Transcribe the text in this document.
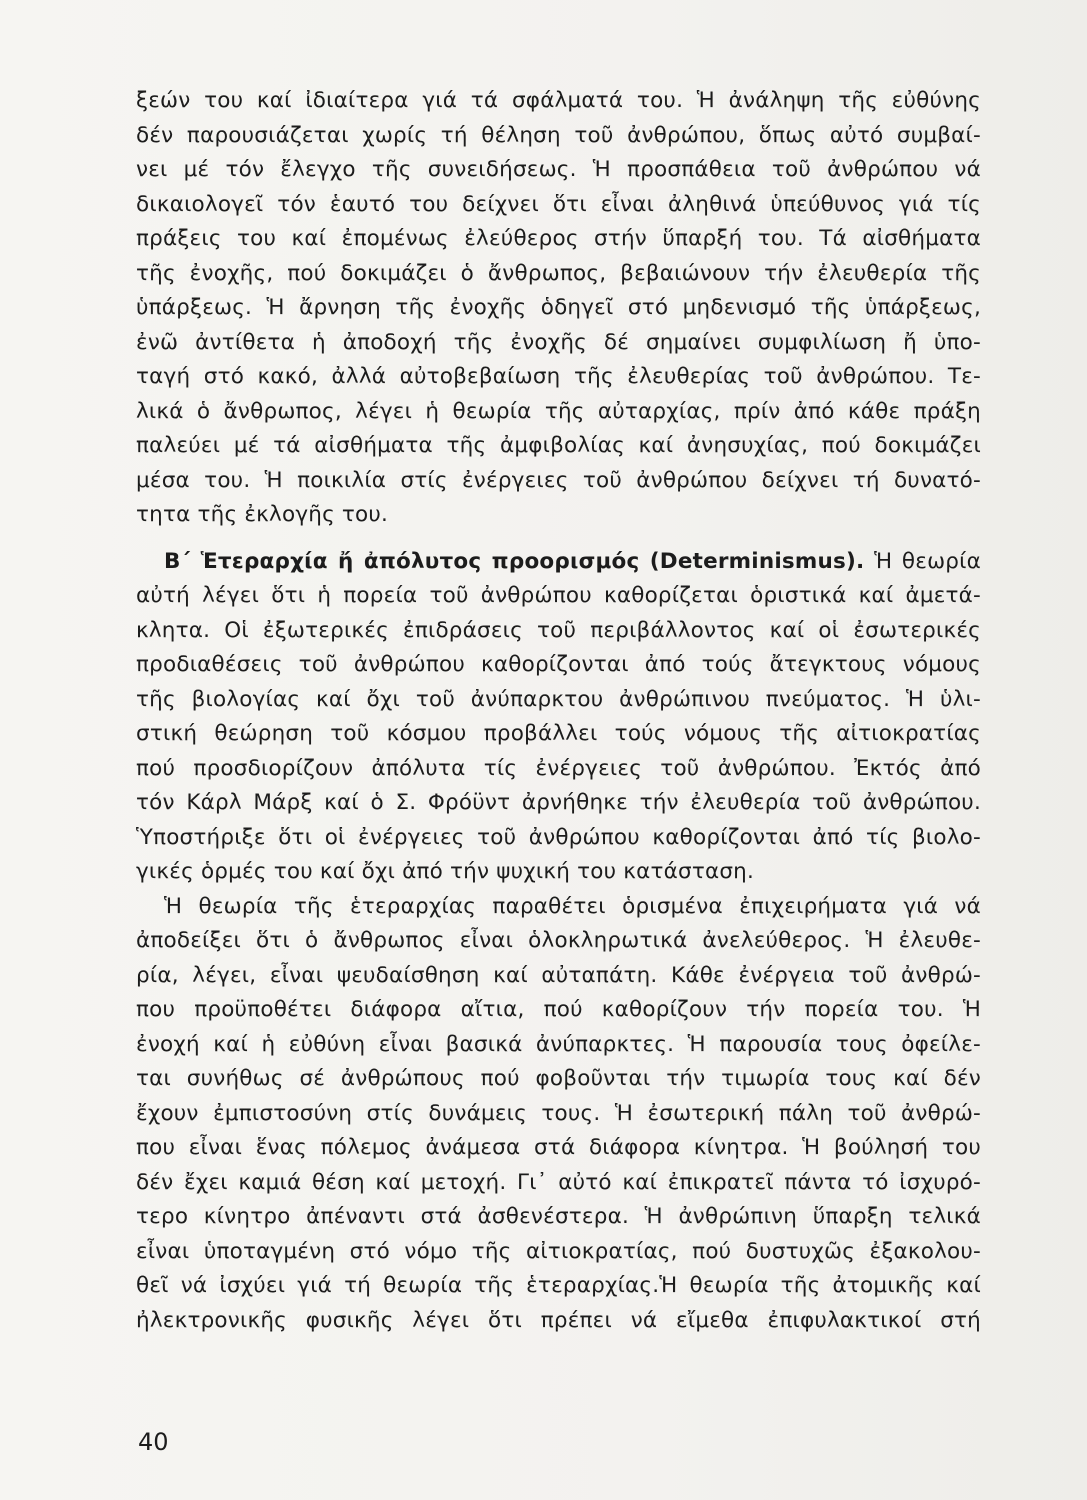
ξεών του καί ἰδιαίτερα γιά τά σφάλματά του. Ἡ ἀνάληψη τῆς εὐθύνης
δέν παρουσιάζεται χωρίς τή θέληση τοῦ ἀνθρώπου, ὅπως αὐτό συμβαί-
νει μέ τόν ἔλεγχο τῆς συνειδήσεως. Ἡ προσπάθεια τοῦ ἀνθρώπου νά
δικαιολογεῖ τόν ἑαυτό του δείχνει ὅτι εἶναι ἀληθινά ὑπεύθυνος γιά τίς
πράξεις του καί ἐπομένως ἐλεύθερος στήν ὕπαρξή του. Τά αἰσθήματα
τῆς ἐνοχῆς, πού δοκιμάζει ὁ ἄνθρωπος, βεβαιώνουν τήν ἐλευθερία τῆς
ὑπάρξεως. Ἡ ἄρνηση τῆς ἐνοχῆς ὁδηγεῖ στό μηδενισμό τῆς ὑπάρξεως,
ἐνῶ ἀντίθετα ἡ ἀποδοχή τῆς ἐνοχῆς δέ σημαίνει συμφιλίωση ἤ ὑπο-
ταγή στό κακό, ἀλλά αὐτοβεβαίωση τῆς ἐλευθερίας τοῦ ἀνθρώπου. Τε-
λικά ὁ ἄνθρωπος, λέγει ἡ θεωρία τῆς αὐταρχίας, πρίν ἀπό κάθε πράξη
παλεύει μέ τά αἰσθήματα τῆς ἀμφιβολίας καί ἀνησυχίας, πού δοκιμάζει
μέσα του. Ἡ ποικιλία στίς ἐνέργειες τοῦ ἀνθρώπου δείχνει τή δυνατό-
τητα τῆς ἐκλογῆς του.
Β΄ Ἑτεραρχία ἤ ἀπόλυτος προορισμός (Determinismus). Ἡ θεωρία
αὐτή λέγει ὅτι ἡ πορεία τοῦ ἀνθρώπου καθορίζεται ὁριστικά καί ἀμετά-
κλητα. Οἱ ἐξωτερικές ἐπιδράσεις τοῦ περιβάλλοντος καί οἱ ἐσωτερικές
προδιαθέσεις τοῦ ἀνθρώπου καθορίζονται ἀπό τούς ἄτεγκτους νόμους
τῆς βιολογίας καί ὄχι τοῦ ἀνύπαρκτου ἀνθρώπινου πνεύματος. Ἡ ὑλι-
στική θεώρηση τοῦ κόσμου προβάλλει τούς νόμους τῆς αἰτιοκρατίας
πού προσδιορίζουν ἀπόλυτα τίς ἐνέργειες τοῦ ἀνθρώπου. Ἐκτός ἀπό
τόν Κάρλ Μάρξ καί ὁ Σ. Φρόϋντ ἀρνήθηκε τήν ἐλευθερία τοῦ ἀνθρώπου.
Ὑποστήριξε ὅτι οἱ ἐνέργειες τοῦ ἀνθρώπου καθορίζονται ἀπό τίς βιολο-
γικές ὁρμές του καί ὄχι ἀπό τήν ψυχική του κατάσταση.
Ἡ θεωρία τῆς ἑτεραρχίας παραθέτει ὁρισμένα ἐπιχειρήματα γιά νά
ἀποδείξει ὅτι ὁ ἄνθρωπος εἶναι ὁλοκληρωτικά ἀνελεύθερος. Ἡ ἐλευθε-
ρία, λέγει, εἶναι ψευδαίσθηση καί αὐταπάτη. Κάθε ἐνέργεια τοῦ ἀνθρώ-
που προϋποθέτει διάφορα αἴτια, πού καθορίζουν τήν πορεία του. Ἡ
ἐνοχή καί ἡ εὐθύνη εἶναι βασικά ἀνύπαρκτες. Ἡ παρουσία τους ὀφείλε-
ται συνήθως σέ ἀνθρώπους πού φοβοῦνται τήν τιμωρία τους καί δέν
ἔχουν ἐμπιστοσύνη στίς δυνάμεις τους. Ἡ ἐσωτερική πάλη τοῦ ἀνθρώ-
που εἶναι ἕνας πόλεμος ἀνάμεσα στά διάφορα κίνητρα. Ἡ βούλησή του
δέν ἔχει καμιά θέση καί μετοχή. Γι᾽ αὐτό καί ἐπικρατεῖ πάντα τό ἰσχυρό-
τερο κίνητρο ἀπέναντι στά ἀσθενέστερα. Ἡ ἀνθρώπινη ὕπαρξη τελικά
εἶναι ὑποταγμένη στό νόμο τῆς αἰτιοκρατίας, πού δυστυχῶς ἐξακολου-
θεῖ νά ἰσχύει γιά τή θεωρία τῆς ἑτεραρχίας.Ἡ θεωρία τῆς ἀτομικῆς καί
ἠλεκτρονικῆς φυσικῆς λέγει ὅτι πρέπει νά εἴμεθα ἐπιφυλακτικοί στή
40
